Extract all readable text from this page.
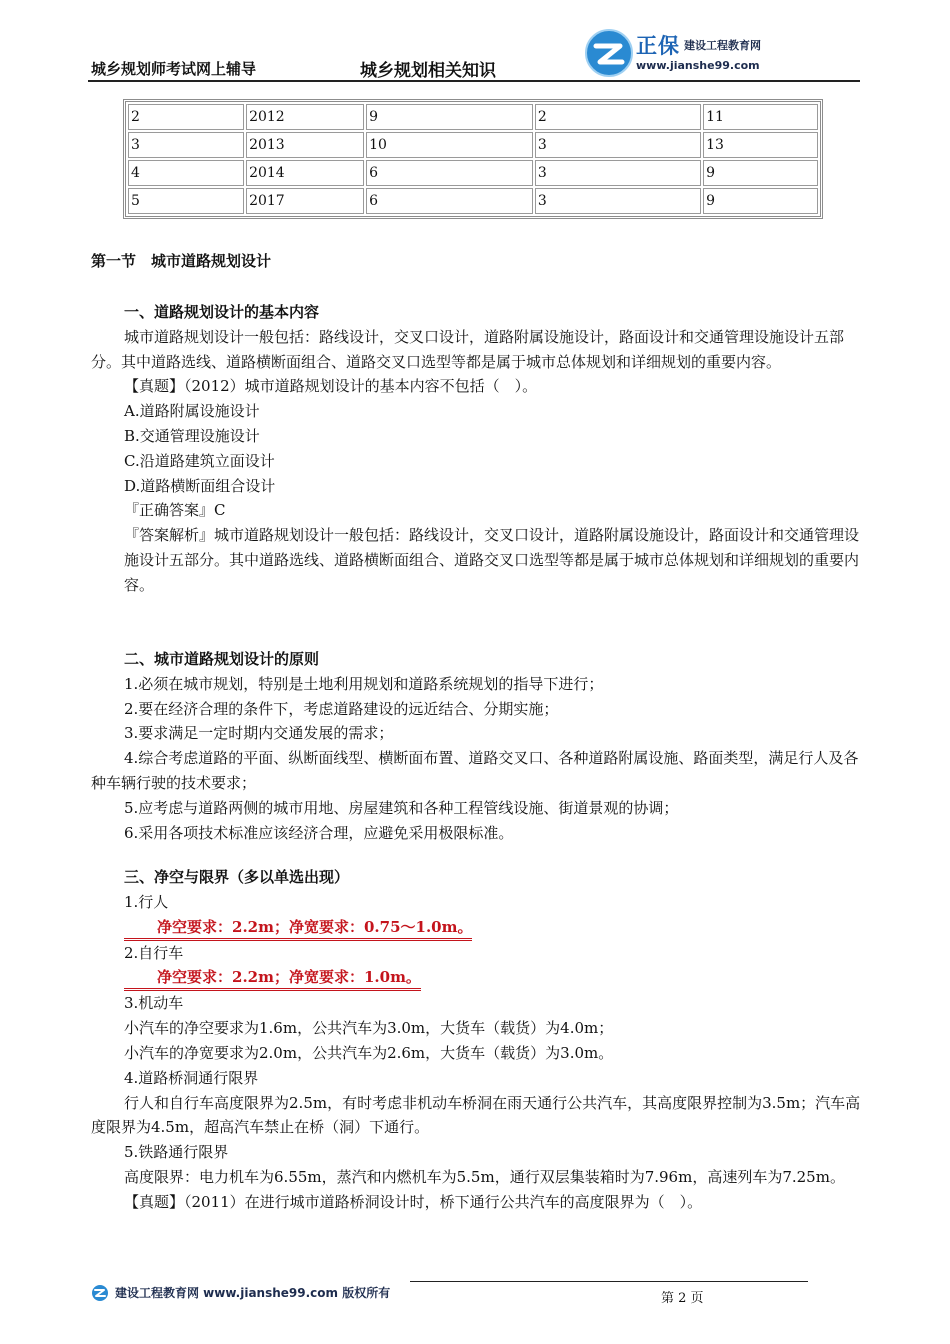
城乡规划师考试网上辅导	城乡规划相关知识
正保 建设工程教育网
www.jianshe99.com
2	2012	9	2	11
3	2013	10	3	13
4	2014	6	3	9
5	2017	6	3	9

第一节　城市道路规划设计

一、道路规划设计的基本内容

城市道路规划设计一般包括：路线设计，交叉口设计，道路附属设施设计，路面设计和交通管理设施设计五部分。其中道路选线、道路横断面组合、道路交叉口选型等都是属于城市总体规划和详细规划的重要内容。

【真题】（2012）城市道路规划设计的基本内容不包括（　）。

A.道路附属设施设计

B.交通管理设施设计

C.沿道路建筑立面设计

D.道路横断面组合设计

『正确答案』C

『答案解析』城市道路规划设计一般包括：路线设计，交叉口设计，道路附属设施设计，路面设计和交通管理设施设计五部分。其中道路选线、道路横断面组合、道路交叉口选型等都是属于城市总体规划和详细规划的重要内容。

二、城市道路规划设计的原则

1.必须在城市规划，特别是土地利用规划和道路系统规划的指导下进行；

2.要在经济合理的条件下，考虑道路建设的远近结合、分期实施；

3.要求满足一定时期内交通发展的需求；

4.综合考虑道路的平面、纵断面线型、横断面布置、道路交叉口、各种道路附属设施、路面类型，满足行人及各种车辆行驶的技术要求；

5.应考虑与道路两侧的城市用地、房屋建筑和各种工程管线设施、街道景观的协调；

6.采用各项技术标准应该经济合理，应避免采用极限标准。

三、净空与限界（多以单选出现）

1.行人

净空要求：2.2m；净宽要求：0.75～1.0m。

2.自行车

净空要求：2.2m；净宽要求：1.0m。

3.机动车

小汽车的净空要求为1.6m，公共汽车为3.0m，大货车（载货）为4.0m；

小汽车的净宽要求为2.0m，公共汽车为2.6m，大货车（载货）为3.0m。

4.道路桥洞通行限界

行人和自行车高度限界为2.5m，有时考虑非机动车桥洞在雨天通行公共汽车，其高度限界控制为3.5m；汽车高度限界为4.5m，超高汽车禁止在桥（洞）下通行。

5.铁路通行限界

高度限界：电力机车为6.55m，蒸汽和内燃机车为5.5m，通行双层集装箱时为7.96m，高速列车为7.25m。

【真题】（2011）在进行城市道路桥洞设计时，桥下通行公共汽车的高度限界为（　）。

建设工程教育网 www.jianshe99.com 版权所有	第 2 页
